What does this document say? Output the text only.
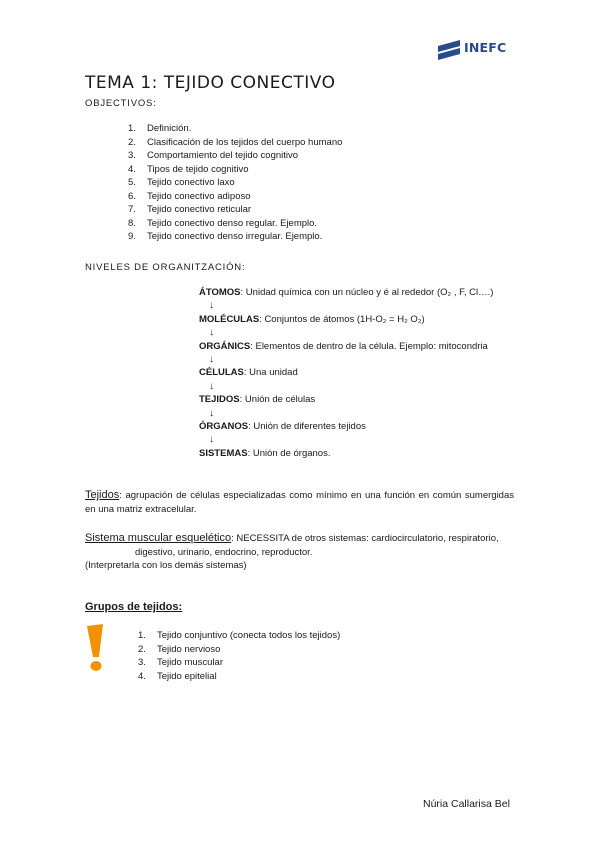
INEFC
TEMA 1: TEJIDO CONECTIVO
OBJECTIVOS:
1.	Definición.
2.	Clasificación de los tejidos del cuerpo humano
3.	Comportamiento del tejido cognitivo
4.	Tipos de tejido cognitivo
5.	Tejido conectivo laxo
6.	Tejido conectivo adiposo
7.	Tejido conectivo reticular
8.	Tejido conectivo denso regular. Ejemplo.
9.	Tejido conectivo denso irregular. Ejemplo.
NIVELES DE ORGANITZACIÓN:
ÁTOMOS: Unidad química con un núcleo y é al rededor (O₂ , F, Cl….)
↓
MOLÉCULAS: Conjuntos de átomos (1H-O₂ = H₂ O₂)
↓
ORGÁNICS: Elementos de dentro de la célula. Ejemplo: mitocondria
↓
CÉLULAS: Una unidad
↓
TEJIDOS: Unión de células
↓
ÓRGANOS: Unión de diferentes tejidos
↓
SISTEMAS: Unión de órganos.
Tejidos: agrupación de células especializadas como mínimo en una función en común sumergidas en una matriz extracelular.
Sistema muscular esquelético: NECESSITA de otros sistemas: cardiocirculatorio, respiratorio,
digestivo, urinario, endocrino, reproductor.
(Interpretarla con los demás sistemas)
Grupos de tejidos:
1. Tejido conjuntivo (conecta todos los tejidos)
2. Tejido nervioso
3. Tejido muscular
4. Tejido epitelial
Núria Callarisa Bel
